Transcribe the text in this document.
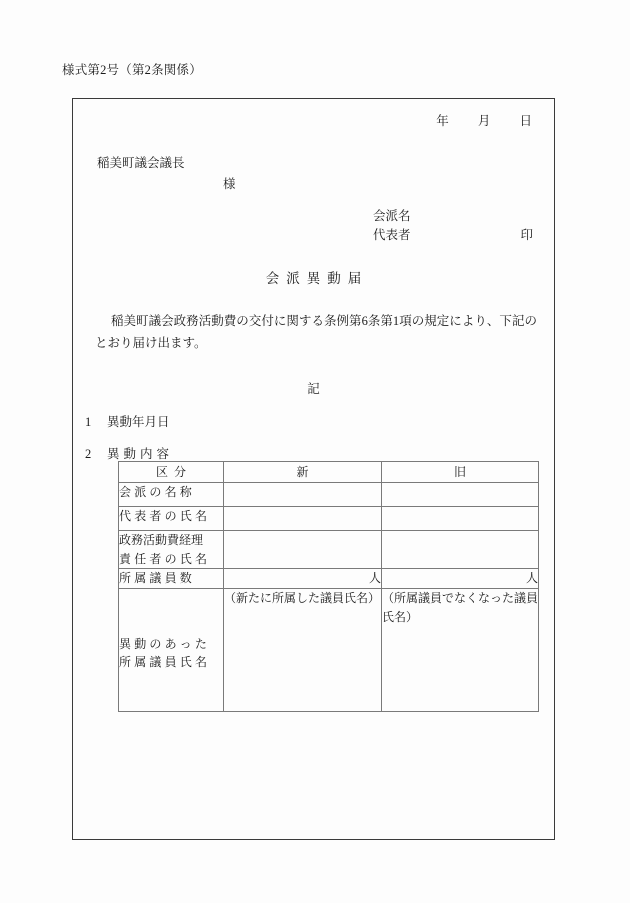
様式第2号（第2条関係）
年 月 日
稲美町議会議長
様
会派名
代表者	印
会派異動届
稲美町議会政務活動費の交付に関する条例第6条第1項の規定により、下記のとおり届け出ます。
記
1 異動年月日
2 異動内容
区分	新	旧
会派の名称		
代表者の氏名		

政務活動費経理
責任者の氏名		

所属議員数	人	人

異動のあった
所属議員氏名	（新たに所属した議員氏名）	（所属議員でなくなった議員氏名）
